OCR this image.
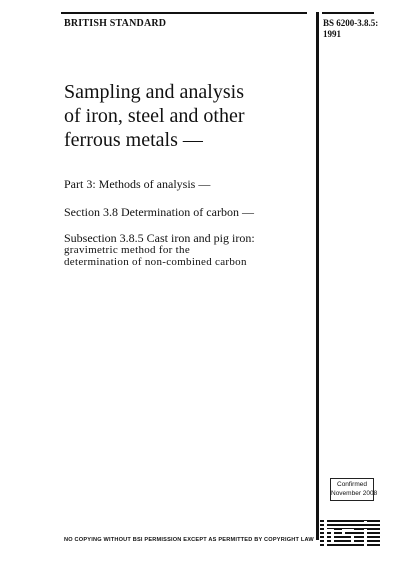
BRITISH STANDARD	BS 6200-3.8.5:
1991
Sampling and analysis
of iron, steel and other
ferrous metals —
Part 3: Methods of analysis —
Section 3.8 Determination of carbon —
Subsection 3.8.5 Cast iron and pig iron:
gravimetric method for the
determination of non-combined carbon
Confirmed
November 2008
NO COPYING WITHOUT BSI PERMISSION EXCEPT AS PERMITTED BY COPYRIGHT LAW
